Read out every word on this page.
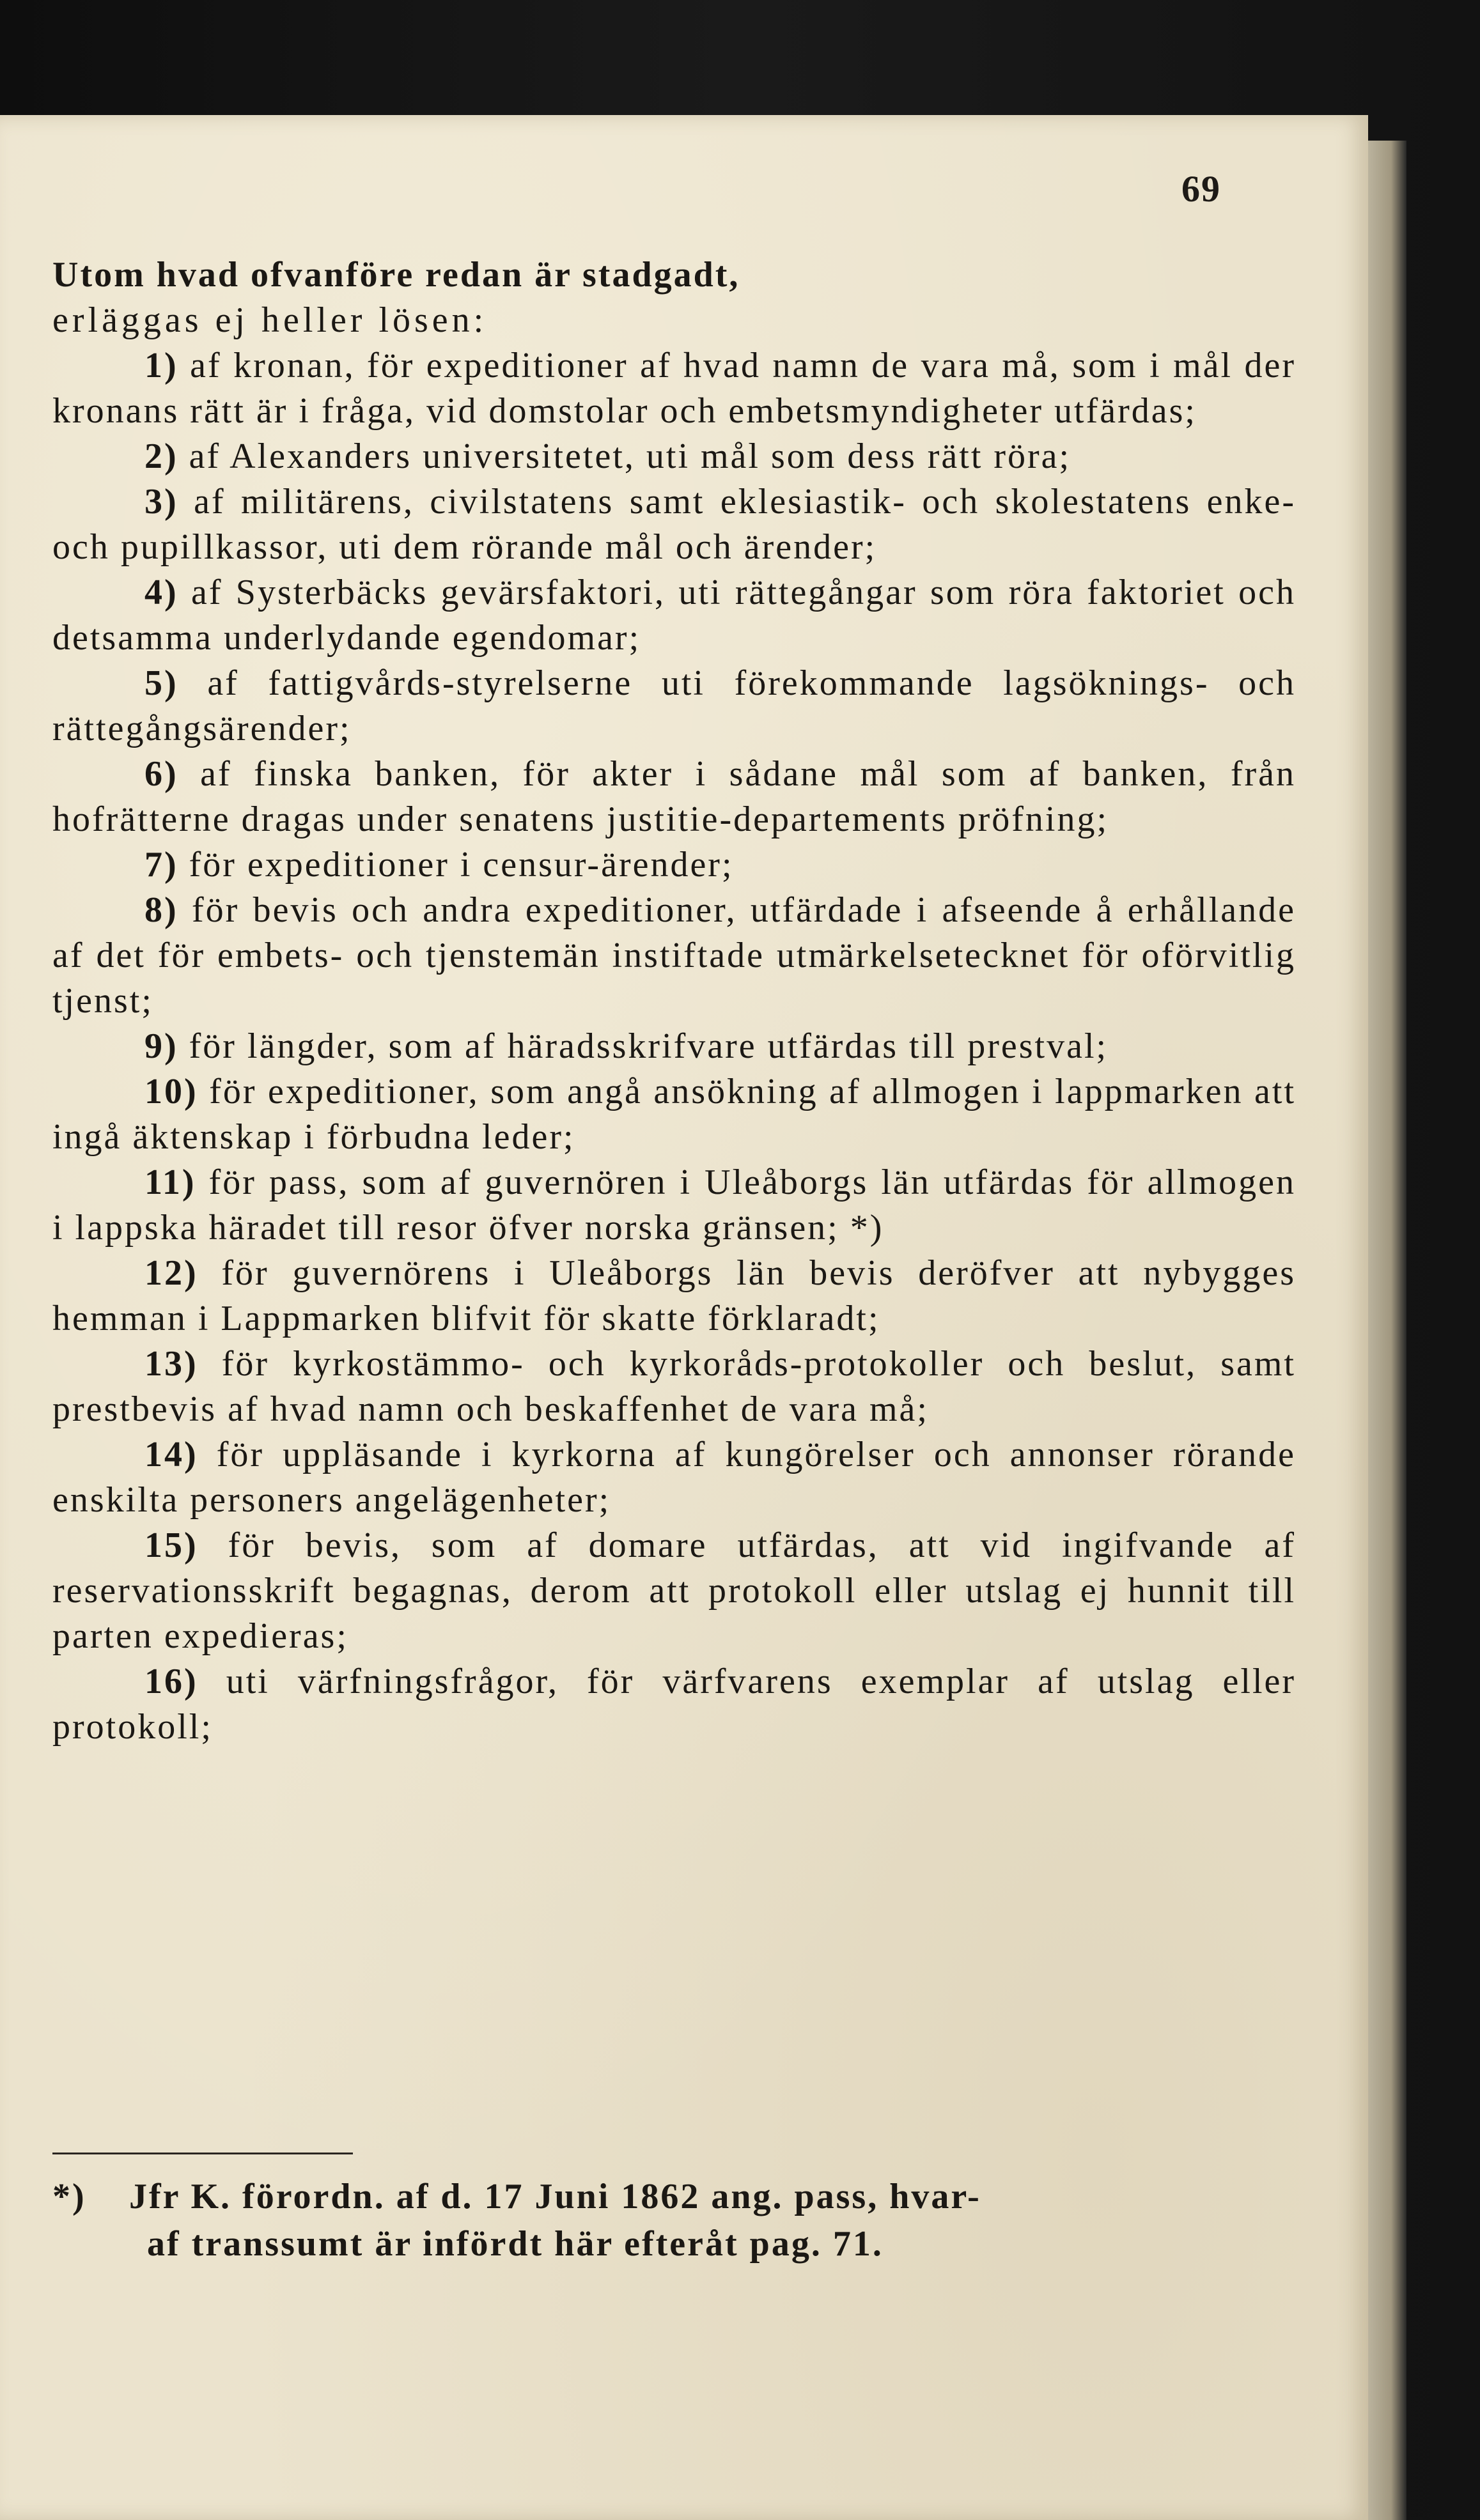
69

Utom hvad ofvanföre redan är stadgadt,
erläggas ej heller lösen:

1) af kronan, för expeditioner af hvad namn de vara må, som i mål der kronans rätt är i fråga, vid domstolar och embetsmyndigheter utfärdas;

2) af Alexanders universitetet, uti mål som dess rätt röra;

3) af militärens, civilstatens samt eklesiastik- och skolestatens enke- och pupillkassor, uti dem rörande mål och ärender;

4) af Systerbäcks gevärsfaktori, uti rättegångar som röra faktoriet och detsamma underlydande egendomar;

5) af fattigvårds-styrelserne uti förekommande lagsöknings- och rättegångsärender;

6) af finska banken, för akter i sådane mål som af banken, från hofrätterne dragas under senatens justitie-departements pröfning;

7) för expeditioner i censur-ärender;

8) för bevis och andra expeditioner, utfärdade i afseende å erhållande af det för embets- och tjenstemän instiftade utmärkelsetecknet för oförvitlig tjenst;

9) för längder, som af häradsskrifvare utfärdas till prestval;

10) för expeditioner, som angå ansökning af allmogen i lappmarken att ingå äktenskap i förbudna leder;

11) för pass, som af guvernören i Uleåborgs län utfärdas för allmogen i lappska häradet till resor öfver norska gränsen; *)

12) för guvernörens i Uleåborgs län bevis deröfver att nybygges hemman i Lappmarken blifvit för skatte förklaradt;

13) för kyrkostämmo- och kyrkoråds-protokoller och beslut, samt prestbevis af hvad namn och beskaffenhet de vara må;

14) för uppläsande i kyrkorna af kungörelser och annonser rörande enskilta personers angelägenheter;

15) för bevis, som af domare utfärdas, att vid ingifvande af reservationsskrift begagnas, derom att protokoll eller utslag ej hunnit till parten expedieras;

16) uti värfningsfrågor, för värfvarens exemplar af utslag eller protokoll;

*) Jfr K. förordn. af d. 17 Juni 1862 ang. pass, hvar-
af transsumt är infördt här efteråt pag. 71.
